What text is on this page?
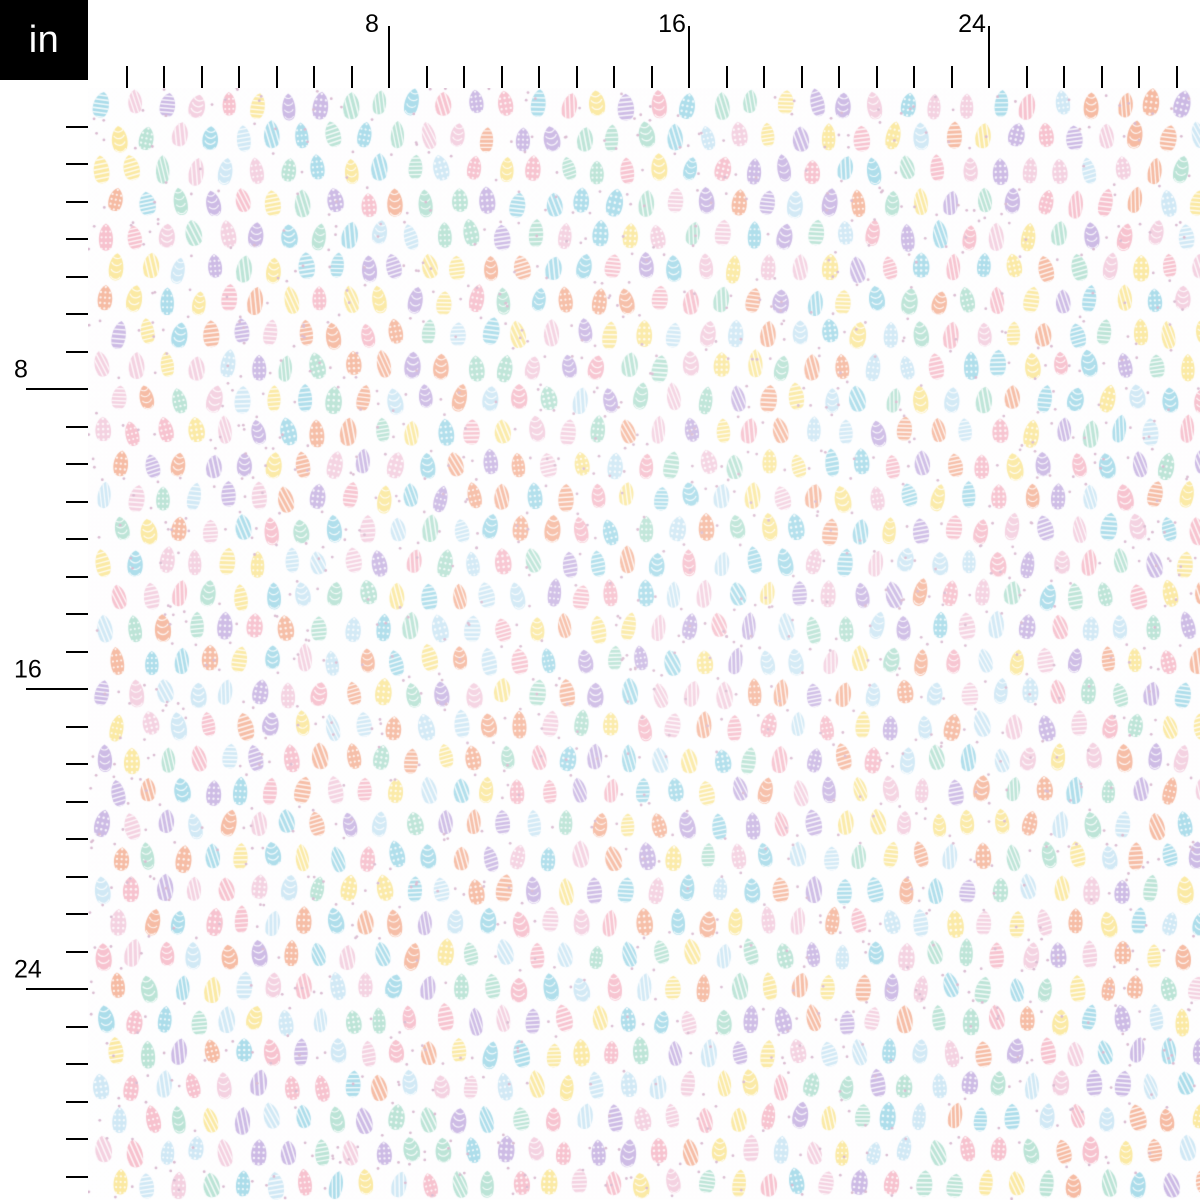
in	8	16	24
8
16
24
